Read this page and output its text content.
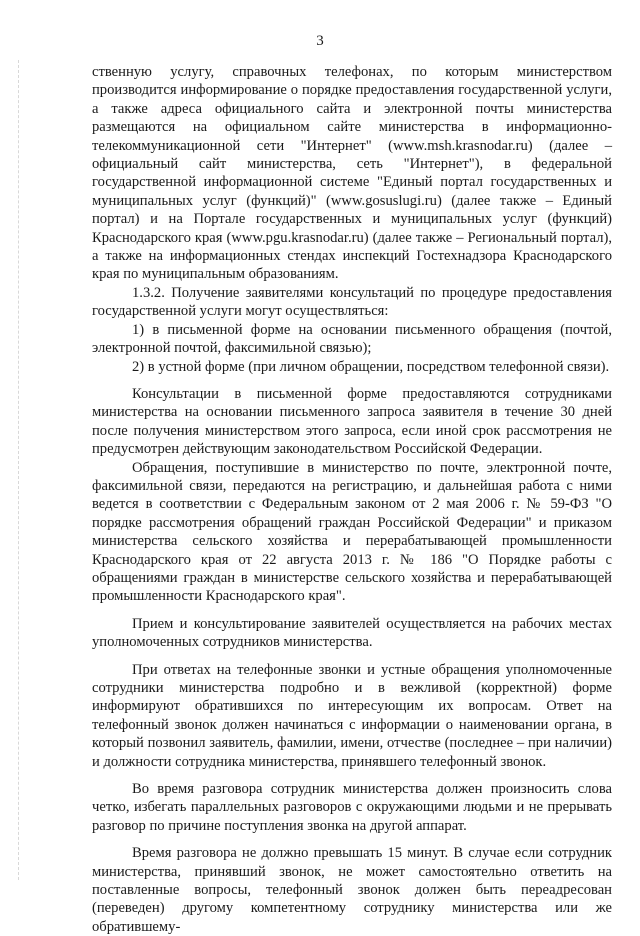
3

ственную услугу, справочных телефонах, по которым министерством производится информирование о порядке предоставления государственной услуги, а также адреса официального сайта и электронной почты министерства размещаются на официальном сайте министерства в информационно-телекоммуникационной сети "Интернет" (www.msh.krasnodar.ru) (далее – официальный сайт министерства, сеть "Интернет"), в федеральной государственной информационной системе "Единый портал государственных и муниципальных услуг (функций)" (www.gosuslugi.ru) (далее также – Единый портал) и на Портале государственных и муниципальных услуг (функций) Краснодарского края (www.pgu.krasnodar.ru) (далее также – Региональный портал), а также на информационных стендах инспекций Гостехнадзора Краснодарского края по муниципальным образованиям.

1.3.2. Получение заявителями консультаций по процедуре предоставления государственной услуги могут осуществляться:

1) в письменной форме на основании письменного обращения (почтой, электронной почтой, факсимильной связью);

2) в устной форме (при личном обращении, посредством телефонной связи).

Консультации в письменной форме предоставляются сотрудниками министерства на основании письменного запроса заявителя в течение 30 дней после получения министерством этого запроса, если иной срок рассмотрения не предусмотрен действующим законодательством Российской Федерации.

Обращения, поступившие в министерство по почте, электронной почте, факсимильной связи, передаются на регистрацию, и дальнейшая работа с ними ведется в соответствии с Федеральным законом от 2 мая 2006 г. № 59-ФЗ "О порядке рассмотрения обращений граждан Российской Федерации" и приказом министерства сельского хозяйства и перерабатывающей промышленности Краснодарского края от 22 августа 2013 г. № 186 "О Порядке работы с обращениями граждан в министерстве сельского хозяйства и перерабатывающей промышленности Краснодарского края".

Прием и консультирование заявителей осуществляется на рабочих местах уполномоченных сотрудников министерства.

При ответах на телефонные звонки и устные обращения уполномоченные сотрудники министерства подробно и в вежливой (корректной) форме информируют обратившихся по интересующим их вопросам. Ответ на телефонный звонок должен начинаться с информации о наименовании органа, в который позвонил заявитель, фамилии, имени, отчестве (последнее – при наличии) и должности сотрудника министерства, принявшего телефонный звонок.

Во время разговора сотрудник министерства должен произносить слова четко, избегать параллельных разговоров с окружающими людьми и не прерывать разговор по причине поступления звонка на другой аппарат.

Время разговора не должно превышать 15 минут. В случае если сотрудник министерства, принявший звонок, не может самостоятельно ответить на поставленные вопросы, телефонный звонок должен быть переадресован (переведен) другому компетентному сотруднику министерства или же обратившему-
